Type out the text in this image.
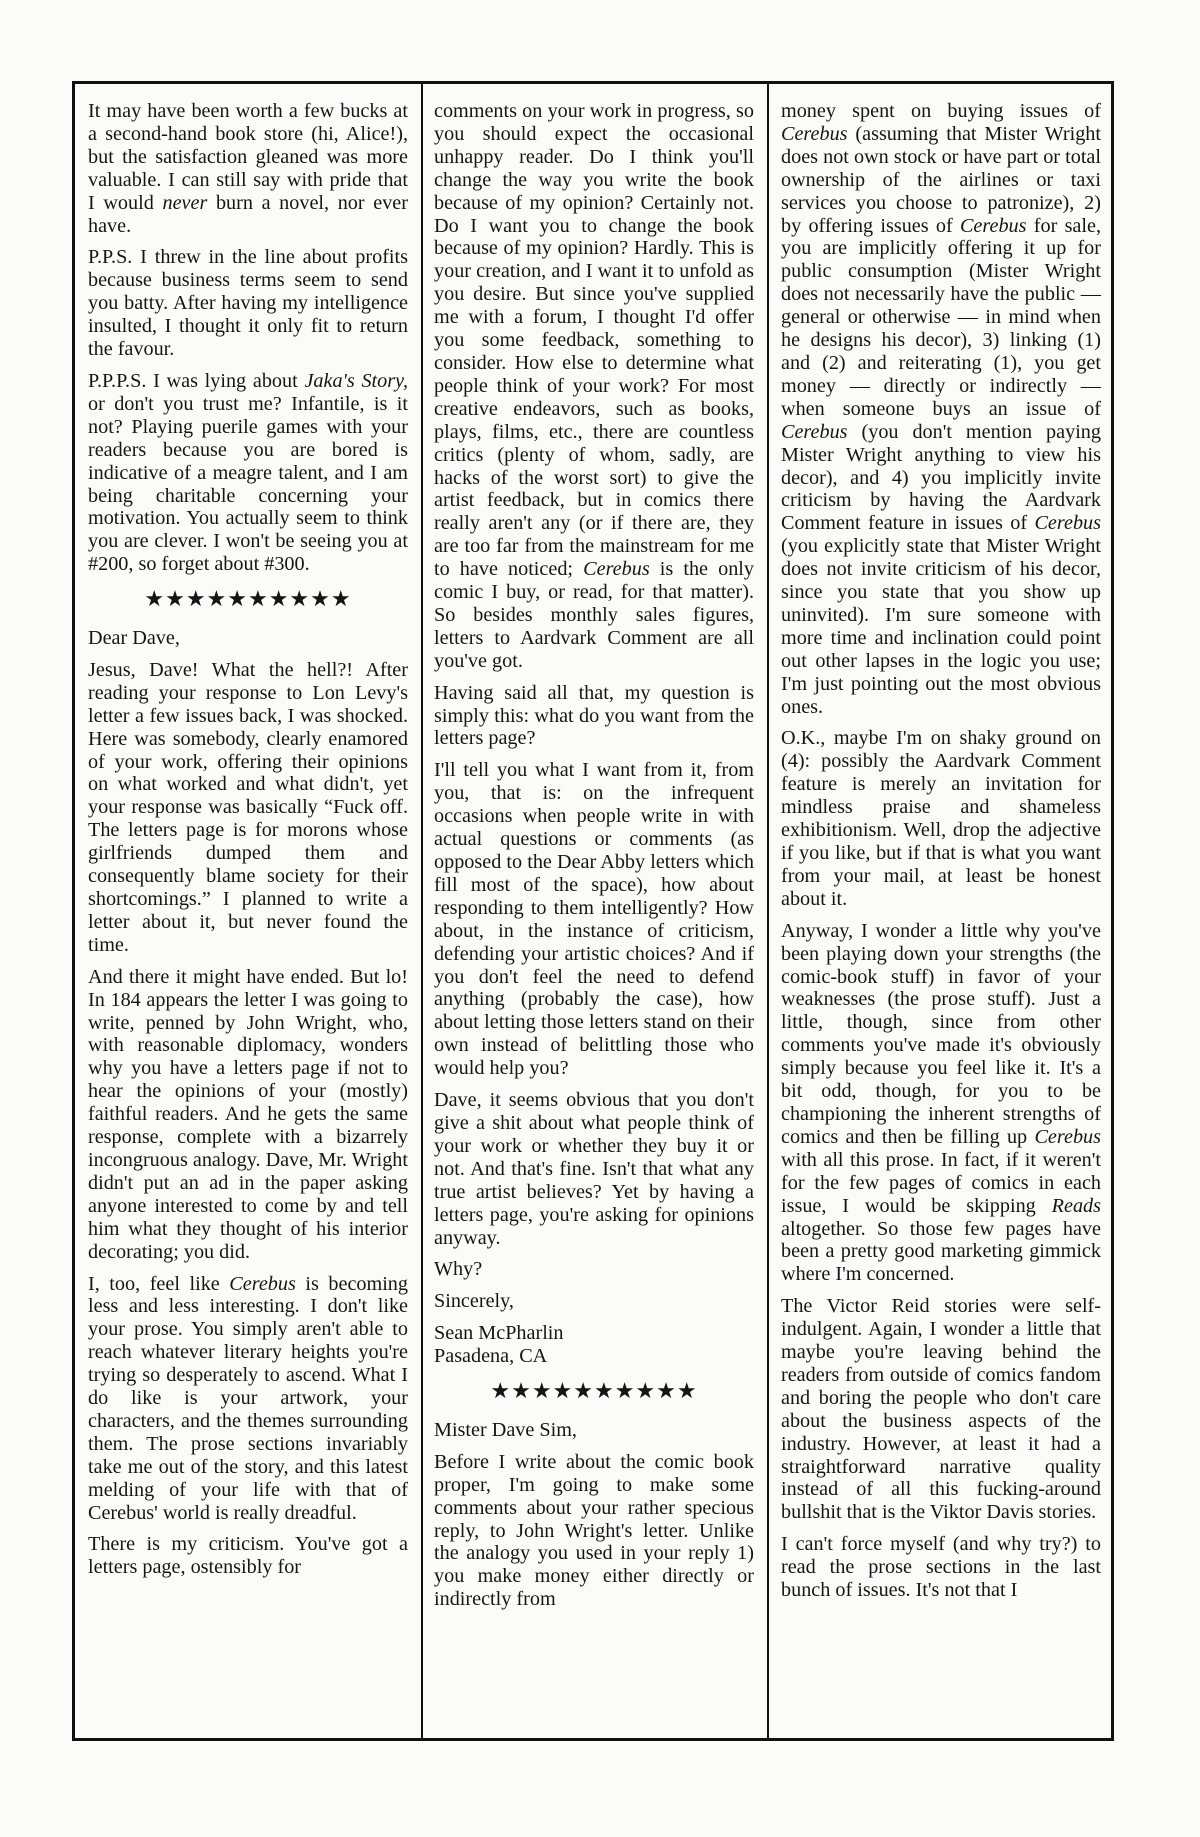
It may have been worth a few bucks at a second-hand book store (hi, Alice!), but the satisfaction gleaned was more valuable. I can still say with pride that I would never burn a novel, nor ever have.

P.P.S. I threw in the line about profits because business terms seem to send you batty. After having my intelligence insulted, I thought it only fit to return the favour.

P.P.P.S. I was lying about Jaka's Story, or don't you trust me? Infantile, is it not? Playing puerile games with your readers because you are bored is indicative of a meagre talent, and I am being charitable concerning your motivation. You actually seem to think you are clever. I won't be seeing you at #200, so forget about #300.

★★★★★★★★★★

Dear Dave,

Jesus, Dave! What the hell?! After reading your response to Lon Levy's letter a few issues back, I was shocked. Here was somebody, clearly enamored of your work, offering their opinions on what worked and what didn't, yet your response was basically “Fuck off. The letters page is for morons whose girlfriends dumped them and consequently blame society for their shortcomings.” I planned to write a letter about it, but never found the time.

And there it might have ended. But lo! In 184 appears the letter I was going to write, penned by John Wright, who, with reasonable diplomacy, wonders why you have a letters page if not to hear the opinions of your (mostly) faithful readers. And he gets the same response, complete with a bizarrely incongruous analogy. Dave, Mr. Wright didn't put an ad in the paper asking anyone interested to come by and tell him what they thought of his interior decorating; you did.

I, too, feel like Cerebus is becoming less and less interesting. I don't like your prose. You simply aren't able to reach whatever literary heights you're trying so desperately to ascend. What I do like is your artwork, your characters, and the themes surrounding them. The prose sections invariably take me out of the story, and this latest melding of your life with that of Cerebus' world is really dreadful.

There is my criticism. You've got a letters page, ostensibly for

comments on your work in progress, so you should expect the occasional unhappy reader. Do I think you'll change the way you write the book because of my opinion? Certainly not. Do I want you to change the book because of my opinion? Hardly. This is your creation, and I want it to unfold as you desire. But since you've supplied me with a forum, I thought I'd offer you some feedback, something to consider. How else to determine what people think of your work? For most creative endeavors, such as books, plays, films, etc., there are countless critics (plenty of whom, sadly, are hacks of the worst sort) to give the artist feedback, but in comics there really aren't any (or if there are, they are too far from the mainstream for me to have noticed; Cerebus is the only comic I buy, or read, for that matter). So besides monthly sales figures, letters to Aardvark Comment are all you've got.

Having said all that, my question is simply this: what do you want from the letters page?

I'll tell you what I want from it, from you, that is: on the infrequent occasions when people write in with actual questions or comments (as opposed to the Dear Abby letters which fill most of the space), how about responding to them intelligently? How about, in the instance of criticism, defending your artistic choices? And if you don't feel the need to defend anything (probably the case), how about letting those letters stand on their own instead of belittling those who would help you?

Dave, it seems obvious that you don't give a shit about what people think of your work or whether they buy it or not. And that's fine. Isn't that what any true artist believes? Yet by having a letters page, you're asking for opinions anyway.

Why?

Sincerely,

Sean McPharlin

Pasadena, CA

★★★★★★★★★★

Mister Dave Sim,

Before I write about the comic book proper, I'm going to make some comments about your rather specious reply, to John Wright's letter. Unlike the analogy you used in your reply 1) you make money either directly or indirectly from

money spent on buying issues of Cerebus (assuming that Mister Wright does not own stock or have part or total ownership of the airlines or taxi services you choose to patronize), 2) by offering issues of Cerebus for sale, you are implicitly offering it up for public consumption (Mister Wright does not necessarily have the public — general or otherwise — in mind when he designs his decor), 3) linking (1) and (2) and reiterating (1), you get money — directly or indirectly — when someone buys an issue of Cerebus (you don't mention paying Mister Wright anything to view his decor), and 4) you implicitly invite criticism by having the Aardvark Comment feature in issues of Cerebus (you explicitly state that Mister Wright does not invite criticism of his decor, since you state that you show up uninvited). I'm sure someone with more time and inclination could point out other lapses in the logic you use; I'm just pointing out the most obvious ones.

O.K., maybe I'm on shaky ground on (4): possibly the Aardvark Comment feature is merely an invitation for mindless praise and shameless exhibitionism. Well, drop the adjective if you like, but if that is what you want from your mail, at least be honest about it.

Anyway, I wonder a little why you've been playing down your strengths (the comic-book stuff) in favor of your weaknesses (the prose stuff). Just a little, though, since from other comments you've made it's obviously simply because you feel like it. It's a bit odd, though, for you to be championing the inherent strengths of comics and then be filling up Cerebus with all this prose. In fact, if it weren't for the few pages of comics in each issue, I would be skipping Reads altogether. So those few pages have been a pretty good marketing gimmick where I'm concerned.

The Victor Reid stories were self-indulgent. Again, I wonder a little that maybe you're leaving behind the readers from outside of comics fandom and boring the people who don't care about the business aspects of the industry. However, at least it had a straightforward narrative quality instead of all this fucking-around bullshit that is the Viktor Davis stories.

I can't force myself (and why try?) to read the prose sections in the last bunch of issues. It's not that I
